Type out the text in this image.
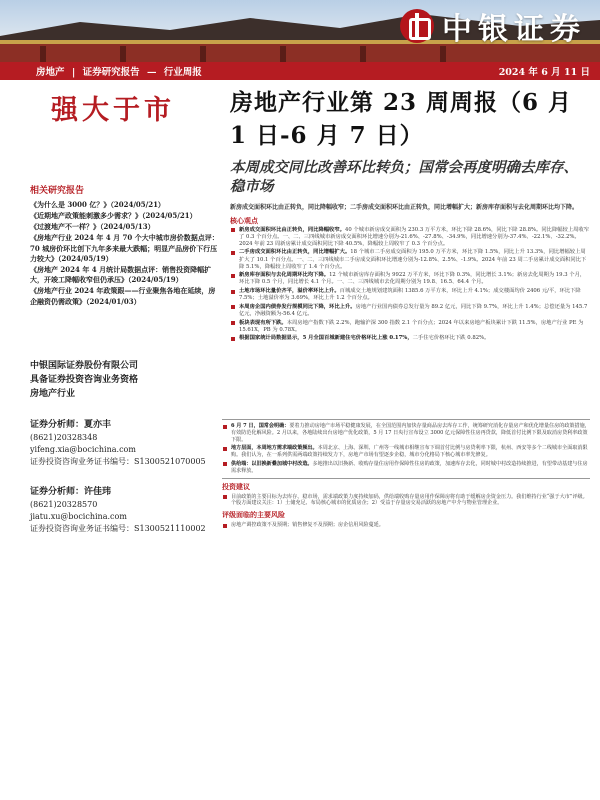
中银证券
房地产 | 证券研究报告 — 行业周报	2024 年 6 月 11 日
强大于市
相关研究报告
《为什么是 3000 亿？》（2024/05/21）
《近期地产政策能刺激多少需求？》（2024/05/21）
《过渡地产不一样？》（2024/05/13）
《房地产行业 2024 年 4 月 70 个大中城市房价数据点评：70 城房价环比创下九年多来最大跌幅；明显产品房价下行压力较大》（2024/05/19）
《房地产 2024 年 4 月统计局数据点评：销售投资降幅扩大，开竣工降幅收窄但仍承压》（2024/05/19）
《房地产行业 2024 年政策跟——行业聚焦各地在延续，房企融资仍需政策》（2024/01/03）
中银国际证券股份有限公司
具备证券投资咨询业务资格
房地产行业
证券分析师：夏亦丰
(8621)20328348
yifeng.xia@bocichina.com
证券投资咨询业务证书编号：S1300521070005
证券分析师：许佳玮
(8621)20328570
jiatu.xu@bocichina.com
证券投资咨询业务证书编号：S1300521110002
房地产行业第 23 周周报（6 月 1 日-6 月 7 日）
本周成交同比改善环比转负；国常会再度明确去库存、稳市场
新房成交面积环比由正转负，同比降幅收窄；二手房成交面积环比由正转负，同比增幅扩大；新房库存面积与去化周期环比均下降。
核心观点
新房成交面积环比由正转负，同比降幅收窄。40 个城市新房成交面积为 230.3 万平方米，环比下降 28.6%，同比下降 28.8%。同比降幅较上周收窄了 0.3 个百分点。一、二、三四线城市新房成交面积环比增速分别为-21.6%、-27.8%、-34.9%，同比增速分别为-37.4%、-22.1%、-32.2%。2024 年前 23 周新房累计成交面积同比下降 40.5%，降幅较上周收窄了 0.3 个百分点。
二手房成交面积环比由正转负，同比增幅扩大。18 个城市二手房成交面积为 195.0 万平方米，环比下降 1.5%，同比上升 13.3%，同比增幅较上周扩大了 10.1 个百分点。一、二、三四线城市二手房成交面积环比增速分别为-12.8%、2.5%、-1.9%。2024 年前 23 周二手房累计成交面积同比下降 5.1%，降幅较上周收窄了 1.4 个百分点。
新房库存面积与去化周期环比均下降。12 个城市新房库存面积为 9922 万平方米，环比下降 0.3%，同比增长 3.1%；新房去化周期为 19.3 个月，环比下降 0.5 个月，同比增长 4.1 个月。一、二、三四线城市去化周期分别为 19.8、16.5、64.4 个月。
土地市场环比量价齐平，溢价率环比上升。百城成交土地规划建筑面积 1385.6 万平方米，环比上升 4.1%；成交楼面均价 2406 元/平，环比下降 7.5%；土地溢价率为 3.69%，环比上升 1.2 个百分点。
本周房企国内债券发行规模同比下降，环比上升。房地产行业国内债券总发行量为 89.2 亿元，同比下降 9.7%，环比上升 1.4%；总偿还量为 145.7 亿元，净融资额为-56.4 亿元。
板块表现有所下跌。本周房地产指数下跌 2.2%，跑输沪深 300 指数 2.1 个百分点；2024 年以来房地产板块累计下跌 11.5%，房地产行业 PE 为 15.61X，PB 为 0.78X。
根据国家统计局数据显示，5 月全国百城新建住宅价格环比上涨 0.17%，二手住宅价格环比下跌 0.82%。
6 月 7 日，国常会明确：要着力推动房地产市场平稳健康发展，在全国范围内加快存量商品房去库存工作，统筹研究消化存量房产和优化增量住房的政策措施，有效防范化解风险。2 月以来，各地陆续出台房地产优化政策，5 月 17 日央行宣布设立 3000 亿元保障性住房再贷款，降低首付比例下限及取消房贷利率政策下限。
地方层面，本周地方需求端政策频出。本周北京、上海、深圳、广州等一线城市相继宣布下调首付比例与房贷利率下限，杭州、西安等多个二线城市全面取消限购。我们认为，在一系列供需两端政策持续发力下，房地产市场有望逐步企稳，城市分化格局下核心城市率先修复。
供给端：以旧换新叠加城中村改造。多地推出以旧换新、收购存量住房用作保障性住房的政策，加速库存去化，同时城中村改造持续推进，有望带动基建与住房需求释放。
投资建议
目前政策的主要目标为去库存、稳市场，需求端政策力度持续加码，供给端收购存量房用作保障房将有助于缓解房企资金压力。我们维持行业“强于大市”评级。个股方面建议关注：1）土储充足、布局核心城市的优质房企；2）受益于存量房交易活跃的房地产中介与物业管理企业。
评级面临的主要风险
房地产调控政策不及预期；销售修复不及预期；房企信用风险蔓延。
